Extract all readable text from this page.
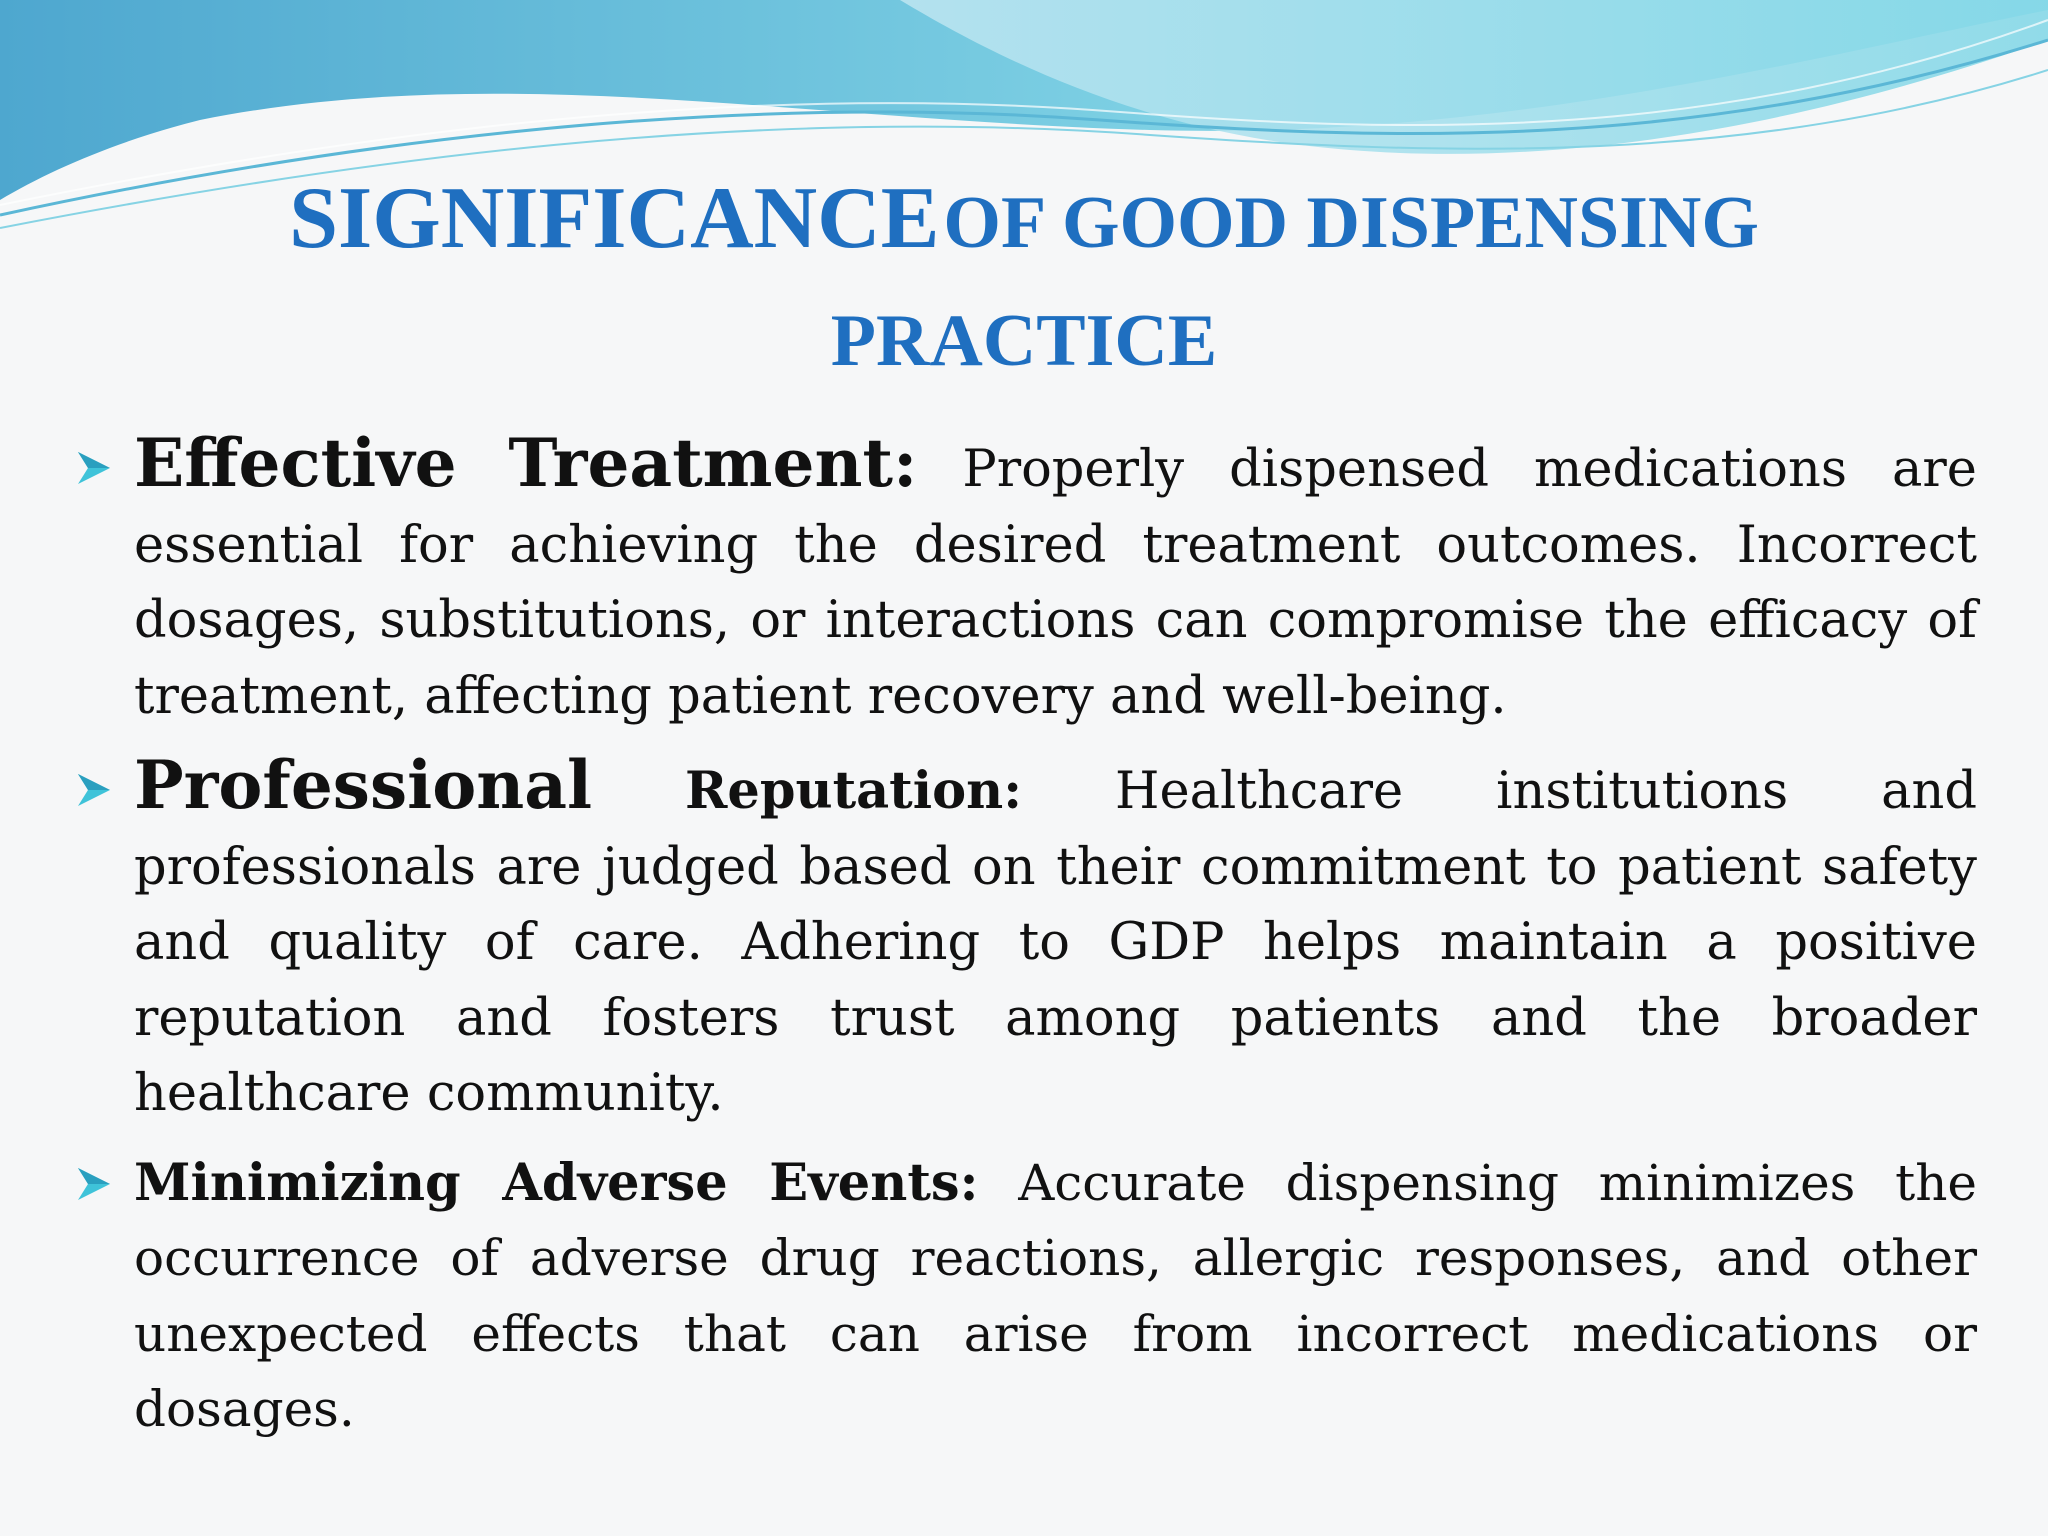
SIGNIFICANCE OF GOOD DISPENSING
PRACTICE
Effective Treatment: Properly dispensed medications are essential for achieving the desired treatment outcomes. Incorrect dosages, substitutions, or interactions can compromise the efficacy of treatment, affecting patient recovery and well-being.
Professional Reputation: Healthcare institutions and professionals are judged based on their commitment to patient safety and quality of care. Adhering to GDP helps maintain a positive reputation and fosters trust among patients and the broader healthcare community.
Minimizing Adverse Events: Accurate dispensing minimizes the occurrence of adverse drug reactions, allergic responses, and other unexpected effects that can arise from incorrect medications or dosages.
